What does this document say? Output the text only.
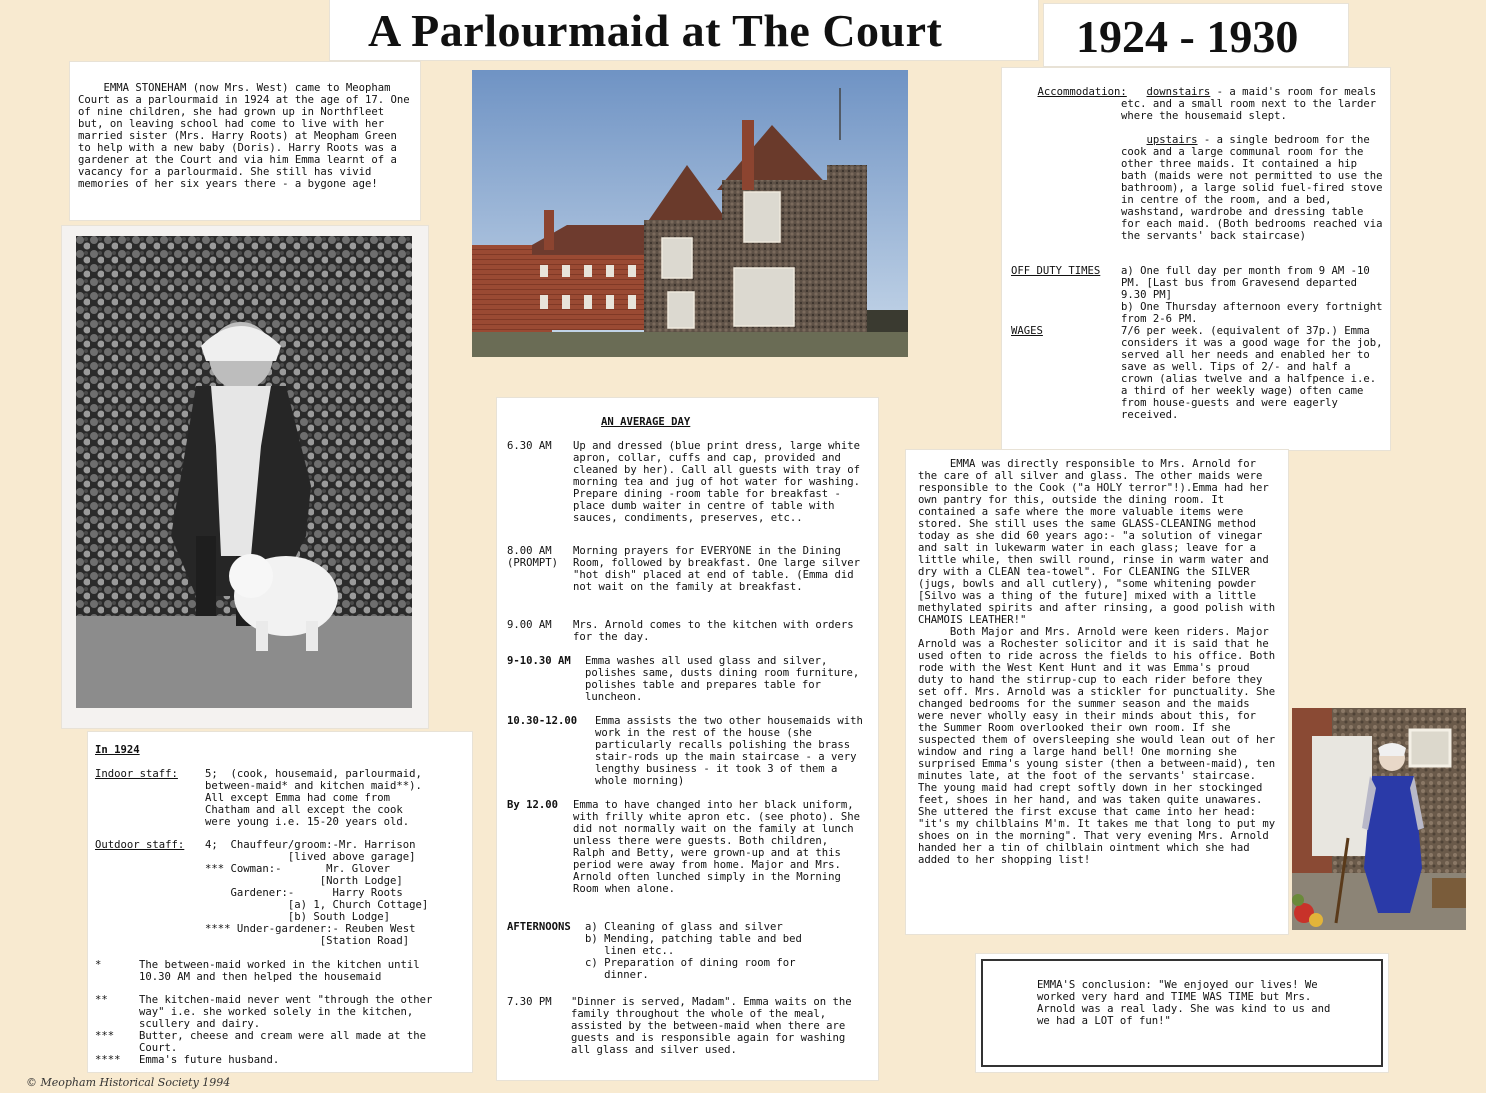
A Parlourmaid at The Court	1924 - 1930

EMMA STONEHAM (now Mrs. West) came to Meopham Court as a parlourmaid in 1924 at the age of 17. One of nine children, she had grown up in Northfleet but, on leaving school had come to live with her married sister (Mrs. Harry Roots) at Meopham Green to help with a new baby (Doris). Harry Roots was a gardener at the Court and via him Emma learnt of a vacancy for a parlourmaid. She still has vivid memories of her six years there - a bygone age!

Accommodation:
	downstairs - a maid's room for meals etc. and a small room next to the larder where the housemaid slept.

upstairs - a single bedroom for the cook and a large communal room for the other three maids. It contained a hip bath (maids were not permitted to use the bathroom), a large solid fuel-fired stove in centre of the room, and a bed, washstand, wardrobe and dressing table for each maid. (Both bedrooms reached via the servants' back staircase)

OFF DUTY TIMES a) One full day per month from 9 AM -10 PM. [Last bus from Gravesend departed 9.30 PM]
b) One Thursday afternoon every fortnight from 2-6 PM.
WAGES	7/6 per week. (equivalent of 37p.) Emma considers it was a good wage for the job, served all her needs and enabled her to save as well. Tips of 2/- and half a crown (alias twelve and a halfpence i.e. a third of her weekly wage) often came from house-guests and were eagerly received.
AN AVERAGE DAY
6.30 AM	Up and dressed (blue print dress, large white apron, collar, cuffs and cap, provided and cleaned by her). Call all guests with tray of morning tea and jug of hot water for washing. Prepare dining -room table for breakfast - place dumb waiter in centre of table with sauces, condiments, preserves, etc..
8.00 AM
(PROMPT)
Morning prayers for EVERYONE in the Dining Room, followed by breakfast. One large silver "hot dish" placed at end of table. (Emma did not wait on the family at breakfast.
9.00 AM	Mrs. Arnold comes to the kitchen with orders for the day.
9-10.30 AM	Emma washes all used glass and silver, polishes same, dusts dining room furniture, polishes table and prepares table for luncheon.
10.30-12.00	Emma assists the two other housemaids with work in the rest of the house (she particularly recalls polishing the brass stair-rods up the main staircase - a very lengthy business - it took 3 of them a whole morning)
By 12.00	Emma to have changed into her black uniform, with frilly white apron etc. (see photo). She did not normally wait on the family at lunch unless there were guests. Both children, Ralph and Betty, were grown-up and at this period were away from home. Major and Mrs. Arnold often lunched simply in the Morning Room when alone.
AFTERNOONS	a) Cleaning of glass and silver
b) Mending, patching table and bed
linen etc..
c) Preparation of dining room for
dinner.
7.30 PM	"Dinner is served, Madam". Emma waits on the family throughout the whole of the meal, assisted by the between-maid when there are guests and is responsible again for washing all glass and silver used.
In 1924
Indoor staff:	5;  (cook, housemaid, parlourmaid,
between-maid* and kitchen maid**).
All except Emma had come from
Chatham and all except the cook
were young i.e. 15-20 years old.
Outdoor staff: 4;  Chauffeur/groom:-Mr. Harrison
[lived above garage]
*** Cowman:-       Mr. Glover
[North Lodge]
Gardener:-      Harry Roots
[a) 1, Church Cottage]
[b) South Lodge]
**** Under-gardener:- Reuben West
[Station Road]
*	The between-maid worked in the kitchen until 10.30 AM and then helped the housemaid
**	The kitchen-maid never went "through the other way" i.e. she worked solely in the kitchen, scullery and dairy.
*** Butter, cheese and cream were all made at the Court.
**** Emma's future husband.
EMMA was directly responsible to Mrs. Arnold for the care of all silver and glass. The other maids were responsible to the Cook ("a HOLY terror"!).Emma had her own pantry for this, outside the dining room. It contained a safe where the more valuable items were stored. She still uses the same GLASS-CLEANING method today as she did 60 years ago:- "a solution of vinegar and salt in lukewarm water in each glass; leave for a little while, then swill round, rinse in warm water and dry with a CLEAN tea-towel". For CLEANING the SILVER (jugs, bowls and all cutlery), "some whitening powder [Silvo was a thing of the future] mixed with a little methylated spirits and after rinsing, a good polish with CHAMOIS LEATHER!"
Both Major and Mrs. Arnold were keen riders. Major Arnold was a Rochester solicitor and it is said that he used often to ride across the fields to his office. Both rode with the West Kent Hunt and it was Emma's proud duty to hand the stirrup-cup to each rider before they set off. Mrs. Arnold was a stickler for punctuality. She changed bedrooms for the summer season and the maids were never wholly easy in their minds about this, for the Summer Room overlooked their own room. If she suspected them of oversleeping she would lean out of her window and ring a large hand bell! One morning she surprised Emma's young sister (then a between-maid), ten minutes late, at the foot of the servants' staircase. The young maid had crept softly down in her stockinged feet, shoes in her hand, and was taken quite unawares. She uttered the first excuse that came into her head: "it's my chilblains M'm. It takes me that long to put my shoes on in the morning". That very evening Mrs. Arnold handed her a tin of chilblain ointment which she had added to her shopping list!
EMMA'S conclusion: "We enjoyed our lives! We worked very hard and TIME WAS TIME but Mrs. Arnold was a real lady. She was kind to us and we had a LOT of fun!"
© Meopham Historical Society 1994
